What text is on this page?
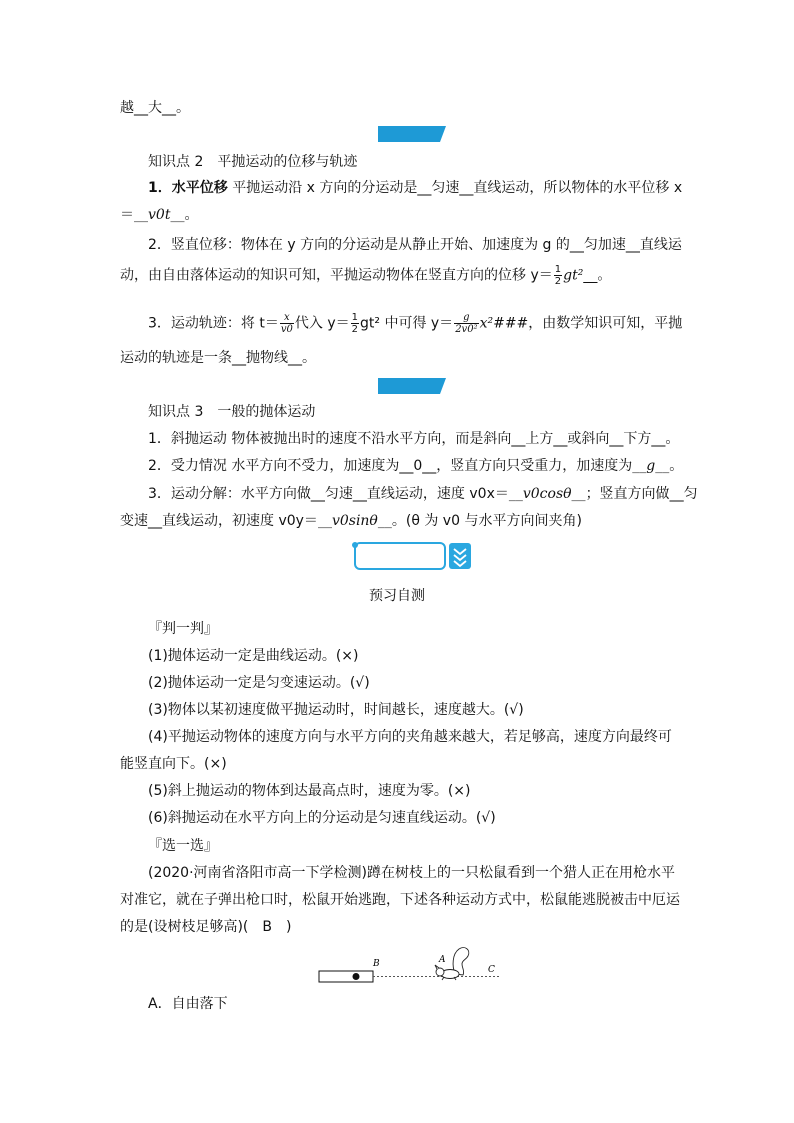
越__大__。
知识点 2　平抛运动的位移与轨迹
1．水平位移 平抛运动沿 x 方向的分运动是__匀速__直线运动，所以物体的水平位移 x
＝__v0t__。
2．竖直位移：物体在 y 方向的分运动是从静止开始、加速度为 g 的__匀加速__直线运
动，由自由落体运动的知识可知，平抛运动物体在竖直方向的位移 $y= \frac{1}{2}$ gt²__。
3．运动轨迹：将 $t= \frac{x}{v0}$ 代入 $y= \frac{1}{2} gt^2$ 中可得 $y= \frac{g}{\text{2v0²}}$ x²###，由数学知识可知，平抛
运动的轨迹是一条__抛物线__。
知识点 3　一般的抛体运动
1．斜抛运动 物体被抛出时的速度不沿水平方向，而是斜向__上方__或斜向__下方__。
2．受力情况 水平方向不受力，加速度为__0__，竖直方向只受重力，加速度为__g__。
3．运动分解：水平方向做__匀速__直线运动，速度 v0x＝__v0cosθ__；竖直方向做__匀
变速__直线运动，初速度 v0y＝__v0sinθ__。(θ 为 v0 与水平方向间夹角)
预习自测
『判一判』
(1)抛体运动一定是曲线运动。(×)
(2)抛体运动一定是匀变速运动。(√)
(3)物体以某初速度做平抛运动时，时间越长，速度越大。(√)
(4)平抛运动物体的速度方向与水平方向的夹角越来越大，若足够高，速度方向最终可
能竖直向下。(×)
(5)斜上抛运动的物体到达最高点时，速度为零。(×)
(6)斜抛运动在水平方向上的分运动是匀速直线运动。(√)
『选一选』
(2020·河南省洛阳市高一下学检测)蹲在树枝上的一只松鼠看到一个猎人正在用枪水平
对准它，就在子弹出枪口时，松鼠开始逃跑，下述各种运动方式中，松鼠能逃脱被击中厄运
的是(设树枝足够高)(　B　)
B	A
C
A．自由落下
